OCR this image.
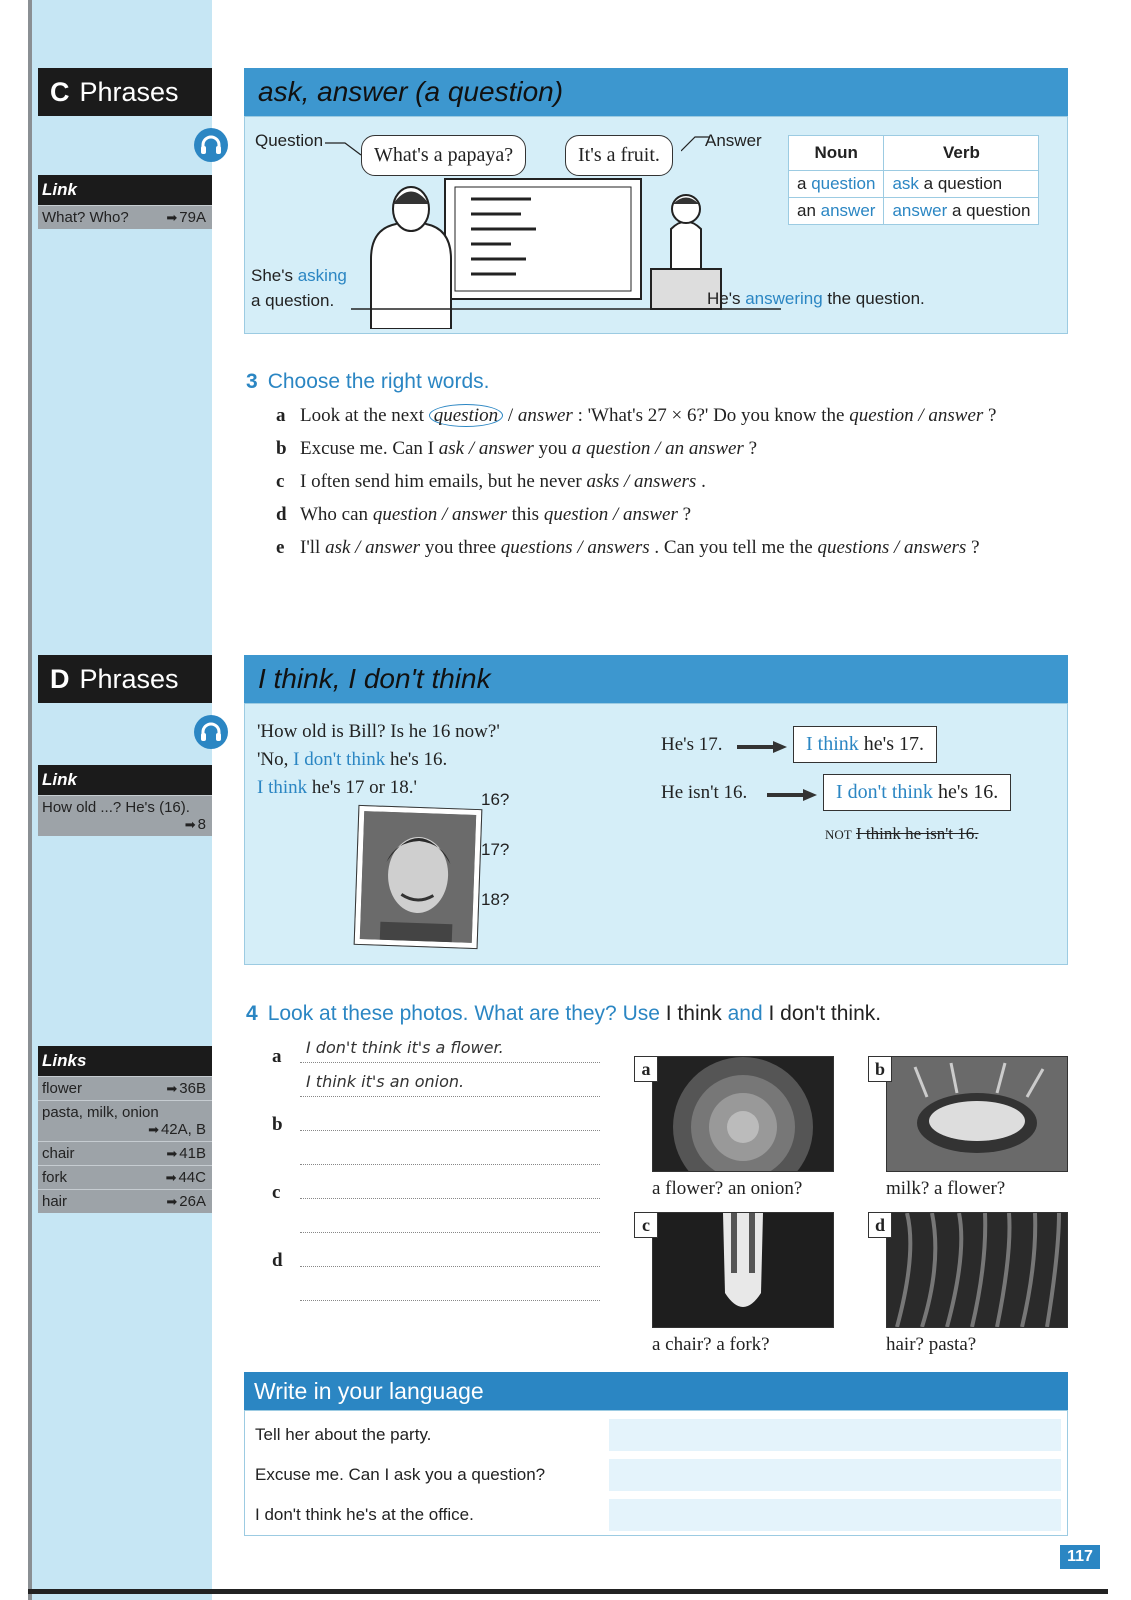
C Phrases	ask, answer (a question)
Link
What? Who?	➡ 79A
Question
What's a papaya?	It's a fruit.
Answer
She's asking
a question.	He's answering the question.
Noun	Verb
a question	ask a question
an answer	answer a question
3 Choose the right words.
a Look at the next question / answer : 'What's 27 × 6?' Do you know the question / answer ?
b Excuse me. Can I ask / answer you a question / an answer ?
c I often send him emails, but he never asks / answers .
d Who can question / answer this question / answer ?
e I'll ask / answer you three questions / answers . Can you tell me the questions / answers ?
D Phrases	I think, I don't think
Link
How old ...? He's (16).
➡ 8
'How old is Bill? Is he 16 now?'
'No, I don't think he's 16.
I think he's 17 or 18.'
16?
17?
18?
He's 17.	I think he's 17.
He isn't 16.	I don't think he's 16.
NOT I think he isn't 16.
4 Look at these photos. What are they? Use I think and I don't think.
Links
flower	➡ 36B
pasta, milk, onion
➡ 42A, B
chair	➡ 41B
fork	➡ 44C
hair	➡ 26A
a I don't think it's a flower.
I think it's an onion.
b
c
d
a
a flower? an onion?
b
milk? a flower?
c
a chair? a fork?
d
hair? pasta?
Write in your language
Tell her about the party.
Excuse me. Can I ask you a question?
I don't think he's at the office.
117
